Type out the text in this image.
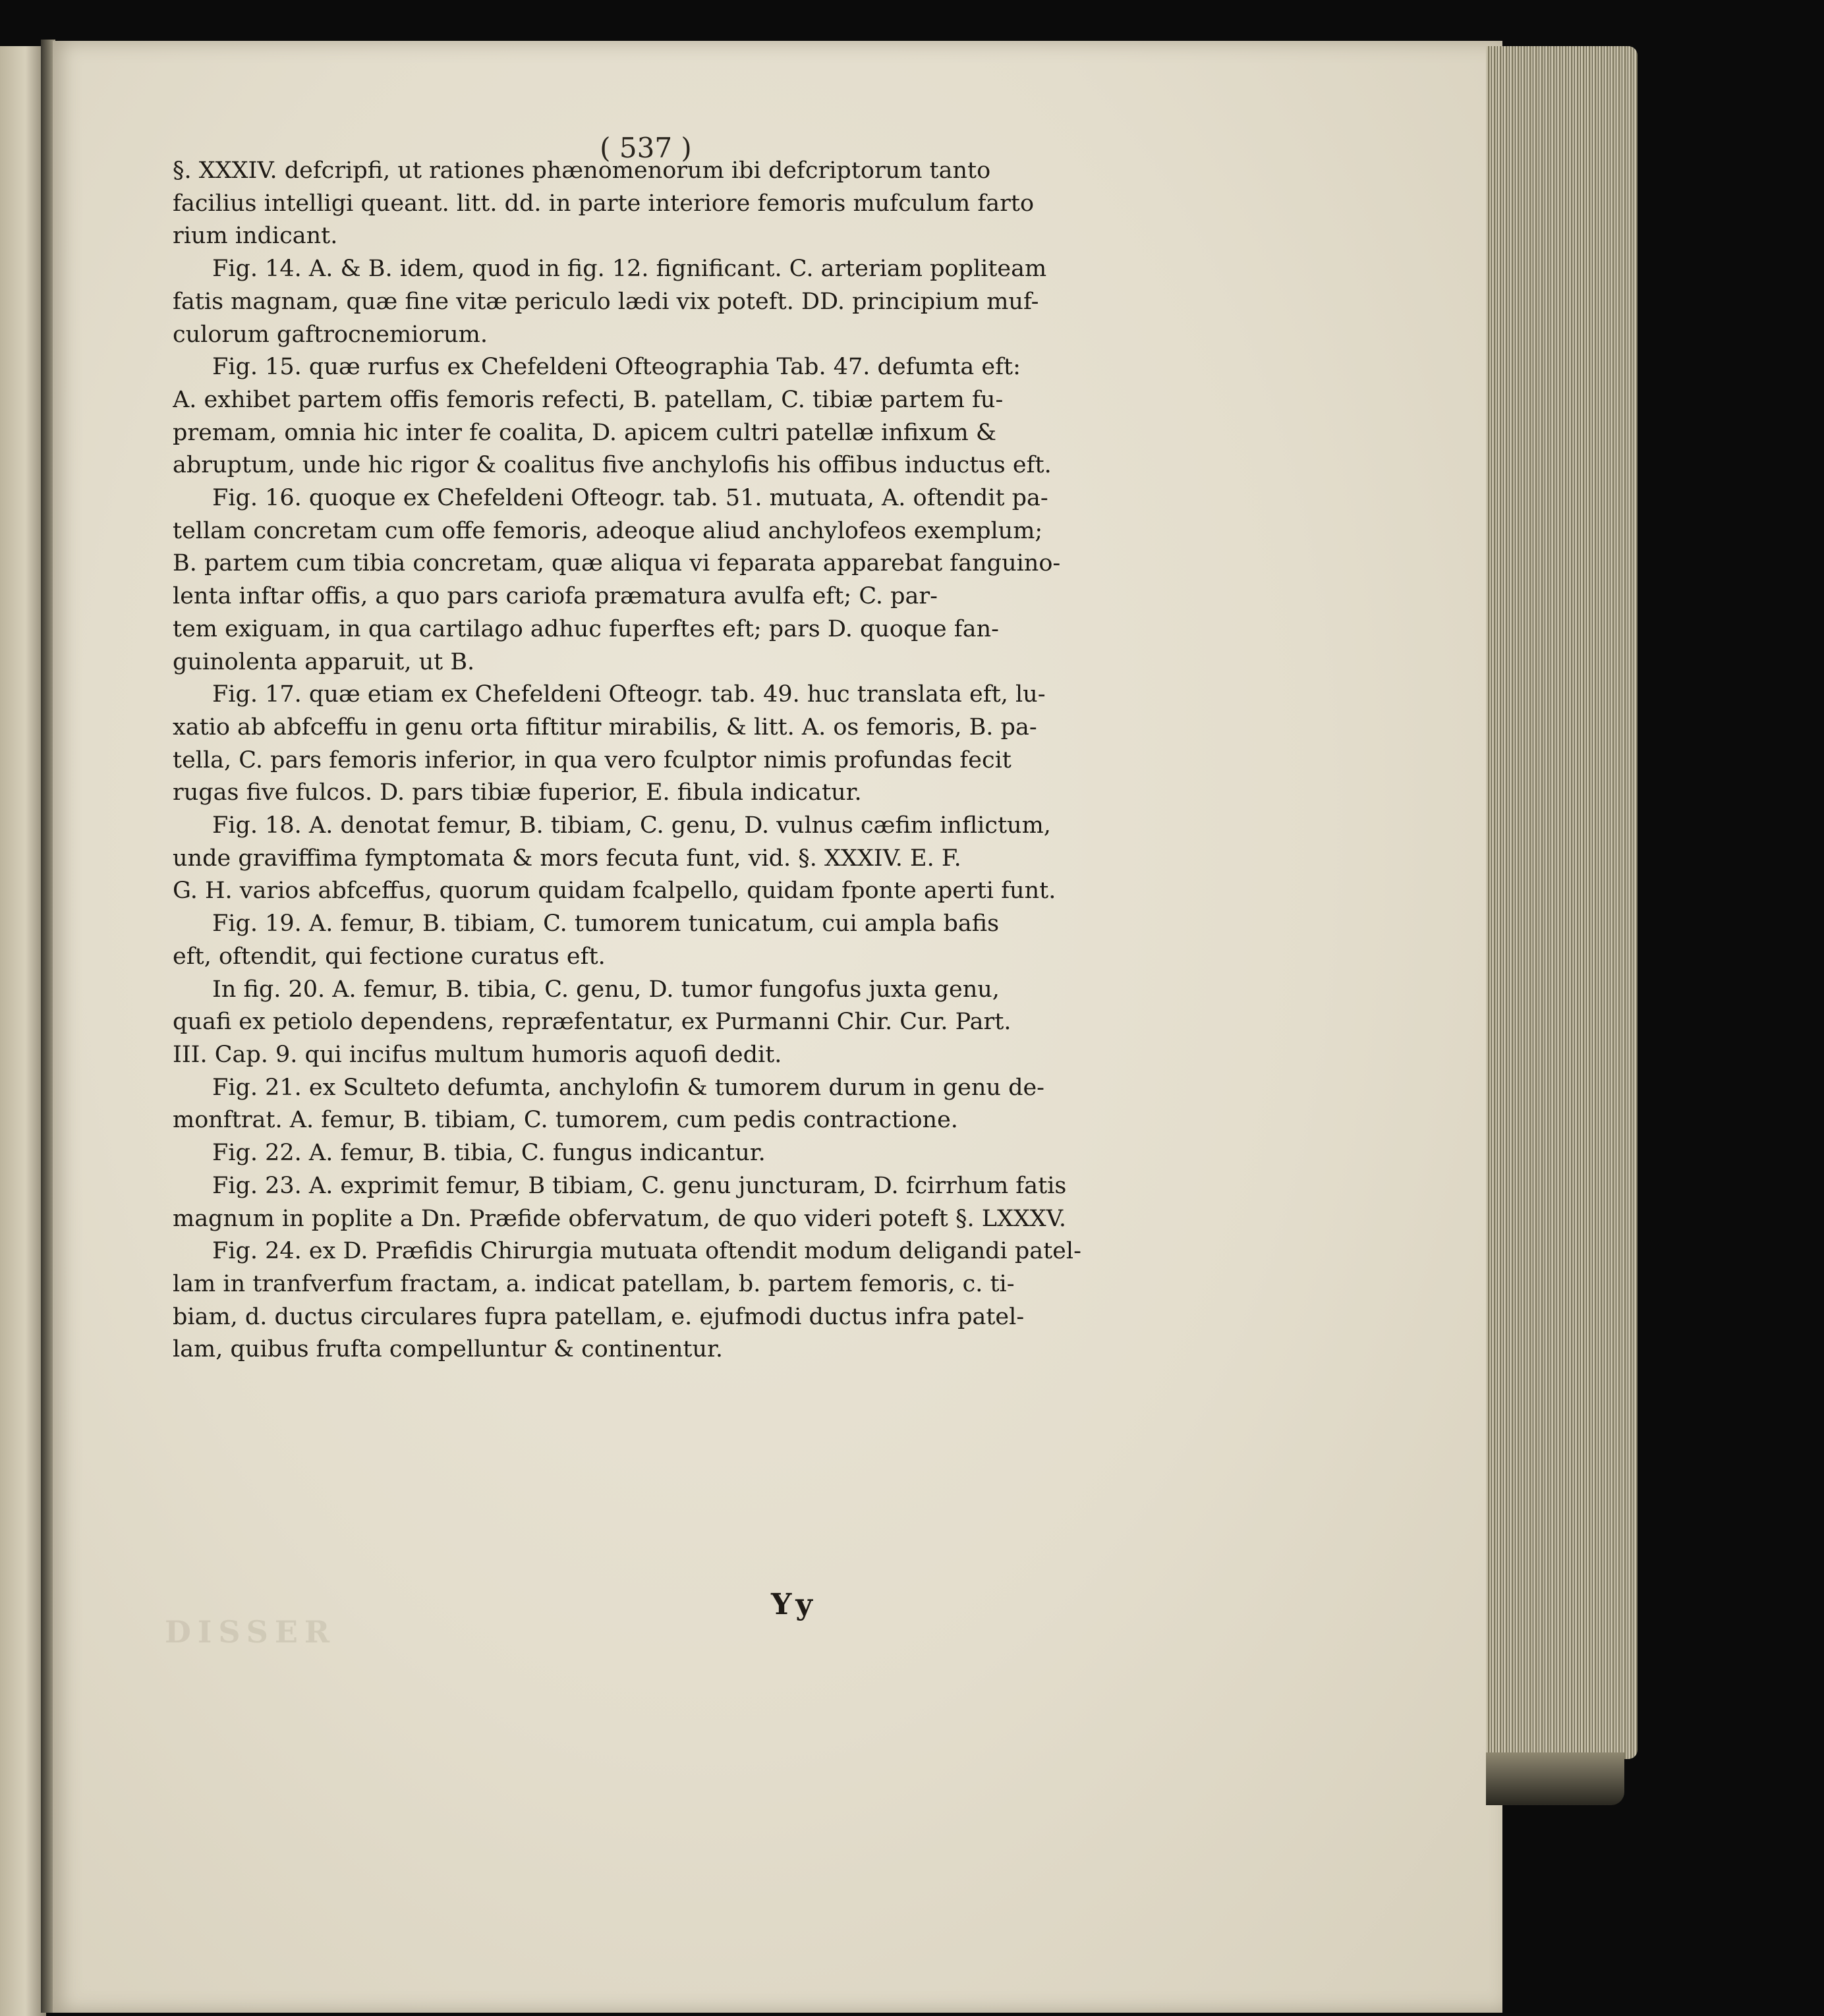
DISSER
( 537 )
§. XXXIV. defcripfi, ut rationes phænomenorum ibi defcriptorum tanto
facilius intelligi queant. litt. dd. in parte interiore femoris mufculum farto
rium indicant.
Fig. 14. A. & B. idem, quod in fig. 12. fignificant. C. arteriam popliteam
fatis magnam, quæ fine vitæ periculo lædi vix poteft. DD. principium muf-
culorum gaftrocnemiorum.
Fig. 15. quæ rurfus ex Chefeldeni Ofteographia Tab. 47. defumta eft:
A. exhibet partem offis femoris refecti, B. patellam, C. tibiæ partem fu-
premam, omnia hic inter fe coalita, D. apicem cultri patellæ infixum &
abruptum, unde hic rigor & coalitus five anchylofis his offibus inductus eft.
Fig. 16. quoque ex Chefeldeni Ofteogr. tab. 51. mutuata, A. oftendit pa-
tellam concretam cum offe femoris, adeoque aliud anchylofeos exemplum;
B. partem cum tibia concretam, quæ aliqua vi feparata apparebat fanguino-
lenta inftar offis, a quo pars cariofa præmatura avulfa eft; C. par-
tem exiguam, in qua cartilago adhuc fuperftes eft; pars D. quoque fan-
guinolenta apparuit, ut B.
Fig. 17. quæ etiam ex Chefeldeni Ofteogr. tab. 49. huc translata eft, lu-
xatio ab abfceffu in genu orta fiftitur mirabilis, & litt. A. os femoris, B. pa-
tella, C. pars femoris inferior, in qua vero fculptor nimis profundas fecit
rugas five fulcos. D. pars tibiæ fuperior, E. fibula indicatur.
Fig. 18. A. denotat femur, B. tibiam, C. genu, D. vulnus cæfim inflictum,
unde graviffima fymptomata & mors fecuta funt, vid. §. XXXIV. E. F.
G. H. varios abfceffus, quorum quidam fcalpello, quidam fponte aperti funt.
Fig. 19. A. femur, B. tibiam, C. tumorem tunicatum, cui ampla bafis
eft, oftendit, qui fectione curatus eft.
In fig. 20. A. femur, B. tibia, C. genu, D. tumor fungofus juxta genu,
quafi ex petiolo dependens, repræfentatur, ex Purmanni Chir. Cur. Part.
III. Cap. 9. qui incifus multum humoris aquofi dedit.
Fig. 21. ex Sculteto defumta, anchylofin & tumorem durum in genu de-
monftrat. A. femur, B. tibiam, C. tumorem, cum pedis contractione.
Fig. 22. A. femur, B. tibia, C. fungus indicantur.
Fig. 23. A. exprimit femur, B tibiam, C. genu juncturam, D. fcirrhum fatis
magnum in poplite a Dn. Præfide obfervatum, de quo videri poteft §. LXXXV.
Fig. 24. ex D. Præfidis Chirurgia mutuata oftendit modum deligandi patel-
lam in tranfverfum fractam, a. indicat patellam, b. partem femoris, c. ti-
biam, d. ductus circulares fupra patellam, e. ejufmodi ductus infra patel-
lam, quibus frufta compelluntur & continentur.
Yy
